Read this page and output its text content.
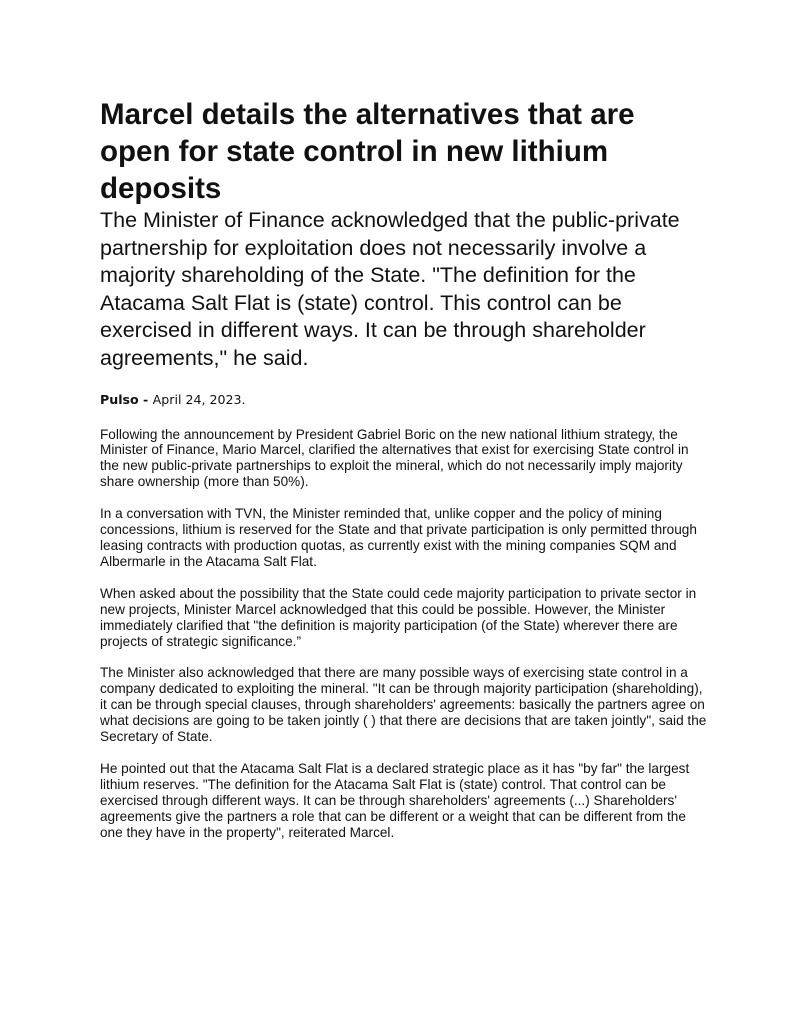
Marcel details the alternatives that are open for state control in new lithium deposits

The Minister of Finance acknowledged that the public-private partnership for exploitation does not necessarily involve a majority shareholding of the State. "The definition for the Atacama Salt Flat is (state) control. This control can be exercised in different ways. It can be through shareholder agreements," he said.

Pulso - April 24, 2023.

Following the announcement by President Gabriel Boric on the new national lithium strategy, the Minister of Finance, Mario Marcel, clarified the alternatives that exist for exercising State control in the new public-private partnerships to exploit the mineral, which do not necessarily imply majority share ownership (more than 50%).

In a conversation with TVN, the Minister reminded that, unlike copper and the policy of mining concessions, lithium is reserved for the State and that private participation is only permitted through leasing contracts with production quotas, as currently exist with the mining companies SQM and Albermarle in the Atacama Salt Flat.

When asked about the possibility that the State could cede majority participation to private sector in new projects, Minister Marcel acknowledged that this could be possible. However, the Minister immediately clarified that "the definition is majority participation (of the State) wherever there are projects of strategic significance.”

The Minister also acknowledged that there are many possible ways of exercising state control in a company dedicated to exploiting the mineral. "It can be through majority participation (shareholding), it can be through special clauses, through shareholders' agreements: basically the partners agree on what decisions are going to be taken jointly ( ) that there are decisions that are taken jointly", said the Secretary of State.

He pointed out that the Atacama Salt Flat is a declared strategic place as it has "by far" the largest lithium reserves. "The definition for the Atacama Salt Flat is (state) control. That control can be exercised through different ways. It can be through shareholders' agreements (...) Shareholders' agreements give the partners a role that can be different or a weight that can be different from the one they have in the property", reiterated Marcel.
